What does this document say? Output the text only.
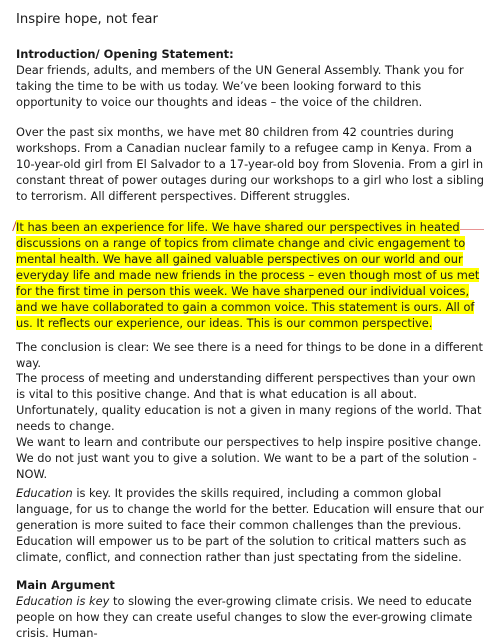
Inspire hope, not fear

Introduction/ Opening Statement:

Dear friends, adults, and members of the UN General Assembly. Thank you for taking the time to be with us today. We’ve been looking forward to this opportunity to voice our thoughts and ideas – the voice of the children.

Over the past six months, we have met 80 children from 42 countries during workshops. From a Canadian nuclear family to a refugee camp in Kenya. From a 10-year-old girl from El Salvador to a 17-year-old boy from Slovenia. From a girl in constant threat of power outages during our workshops to a girl who lost a sibling to terrorism. All different perspectives. Different struggles.

It has been an experience for life. We have shared our perspectives in heated discussions on a range of topics from climate change and civic engagement to mental health. We have all gained valuable perspectives on our world and our everyday life and made new friends in the process – even though most of us met for the first time in person this week. We have sharpened our individual voices, and we have collaborated to gain a common voice. This statement is ours. All of us. It reflects our experience, our ideas. This is our common perspective.

The conclusion is clear: We see there is a need for things to be done in a different way.

The process of meeting and understanding different perspectives than your own is vital to this positive change. And that is what education is all about. Unfortunately, quality education is not a given in many regions of the world. That needs to change.

We want to learn and contribute our perspectives to help inspire positive change. We do not just want you to give a solution. We want to be a part of the solution - NOW.

Education is key. It provides the skills required, including a common global language, for us to change the world for the better. Education will ensure that our generation is more suited to face their common challenges than the previous. Education will empower us to be part of the solution to critical matters such as climate, conflict, and connection rather than just spectating from the sideline.

Main Argument

Education is key to slowing the ever-growing climate crisis. We need to educate people on how they can create useful changes to slow the ever-growing climate crisis. Human-
